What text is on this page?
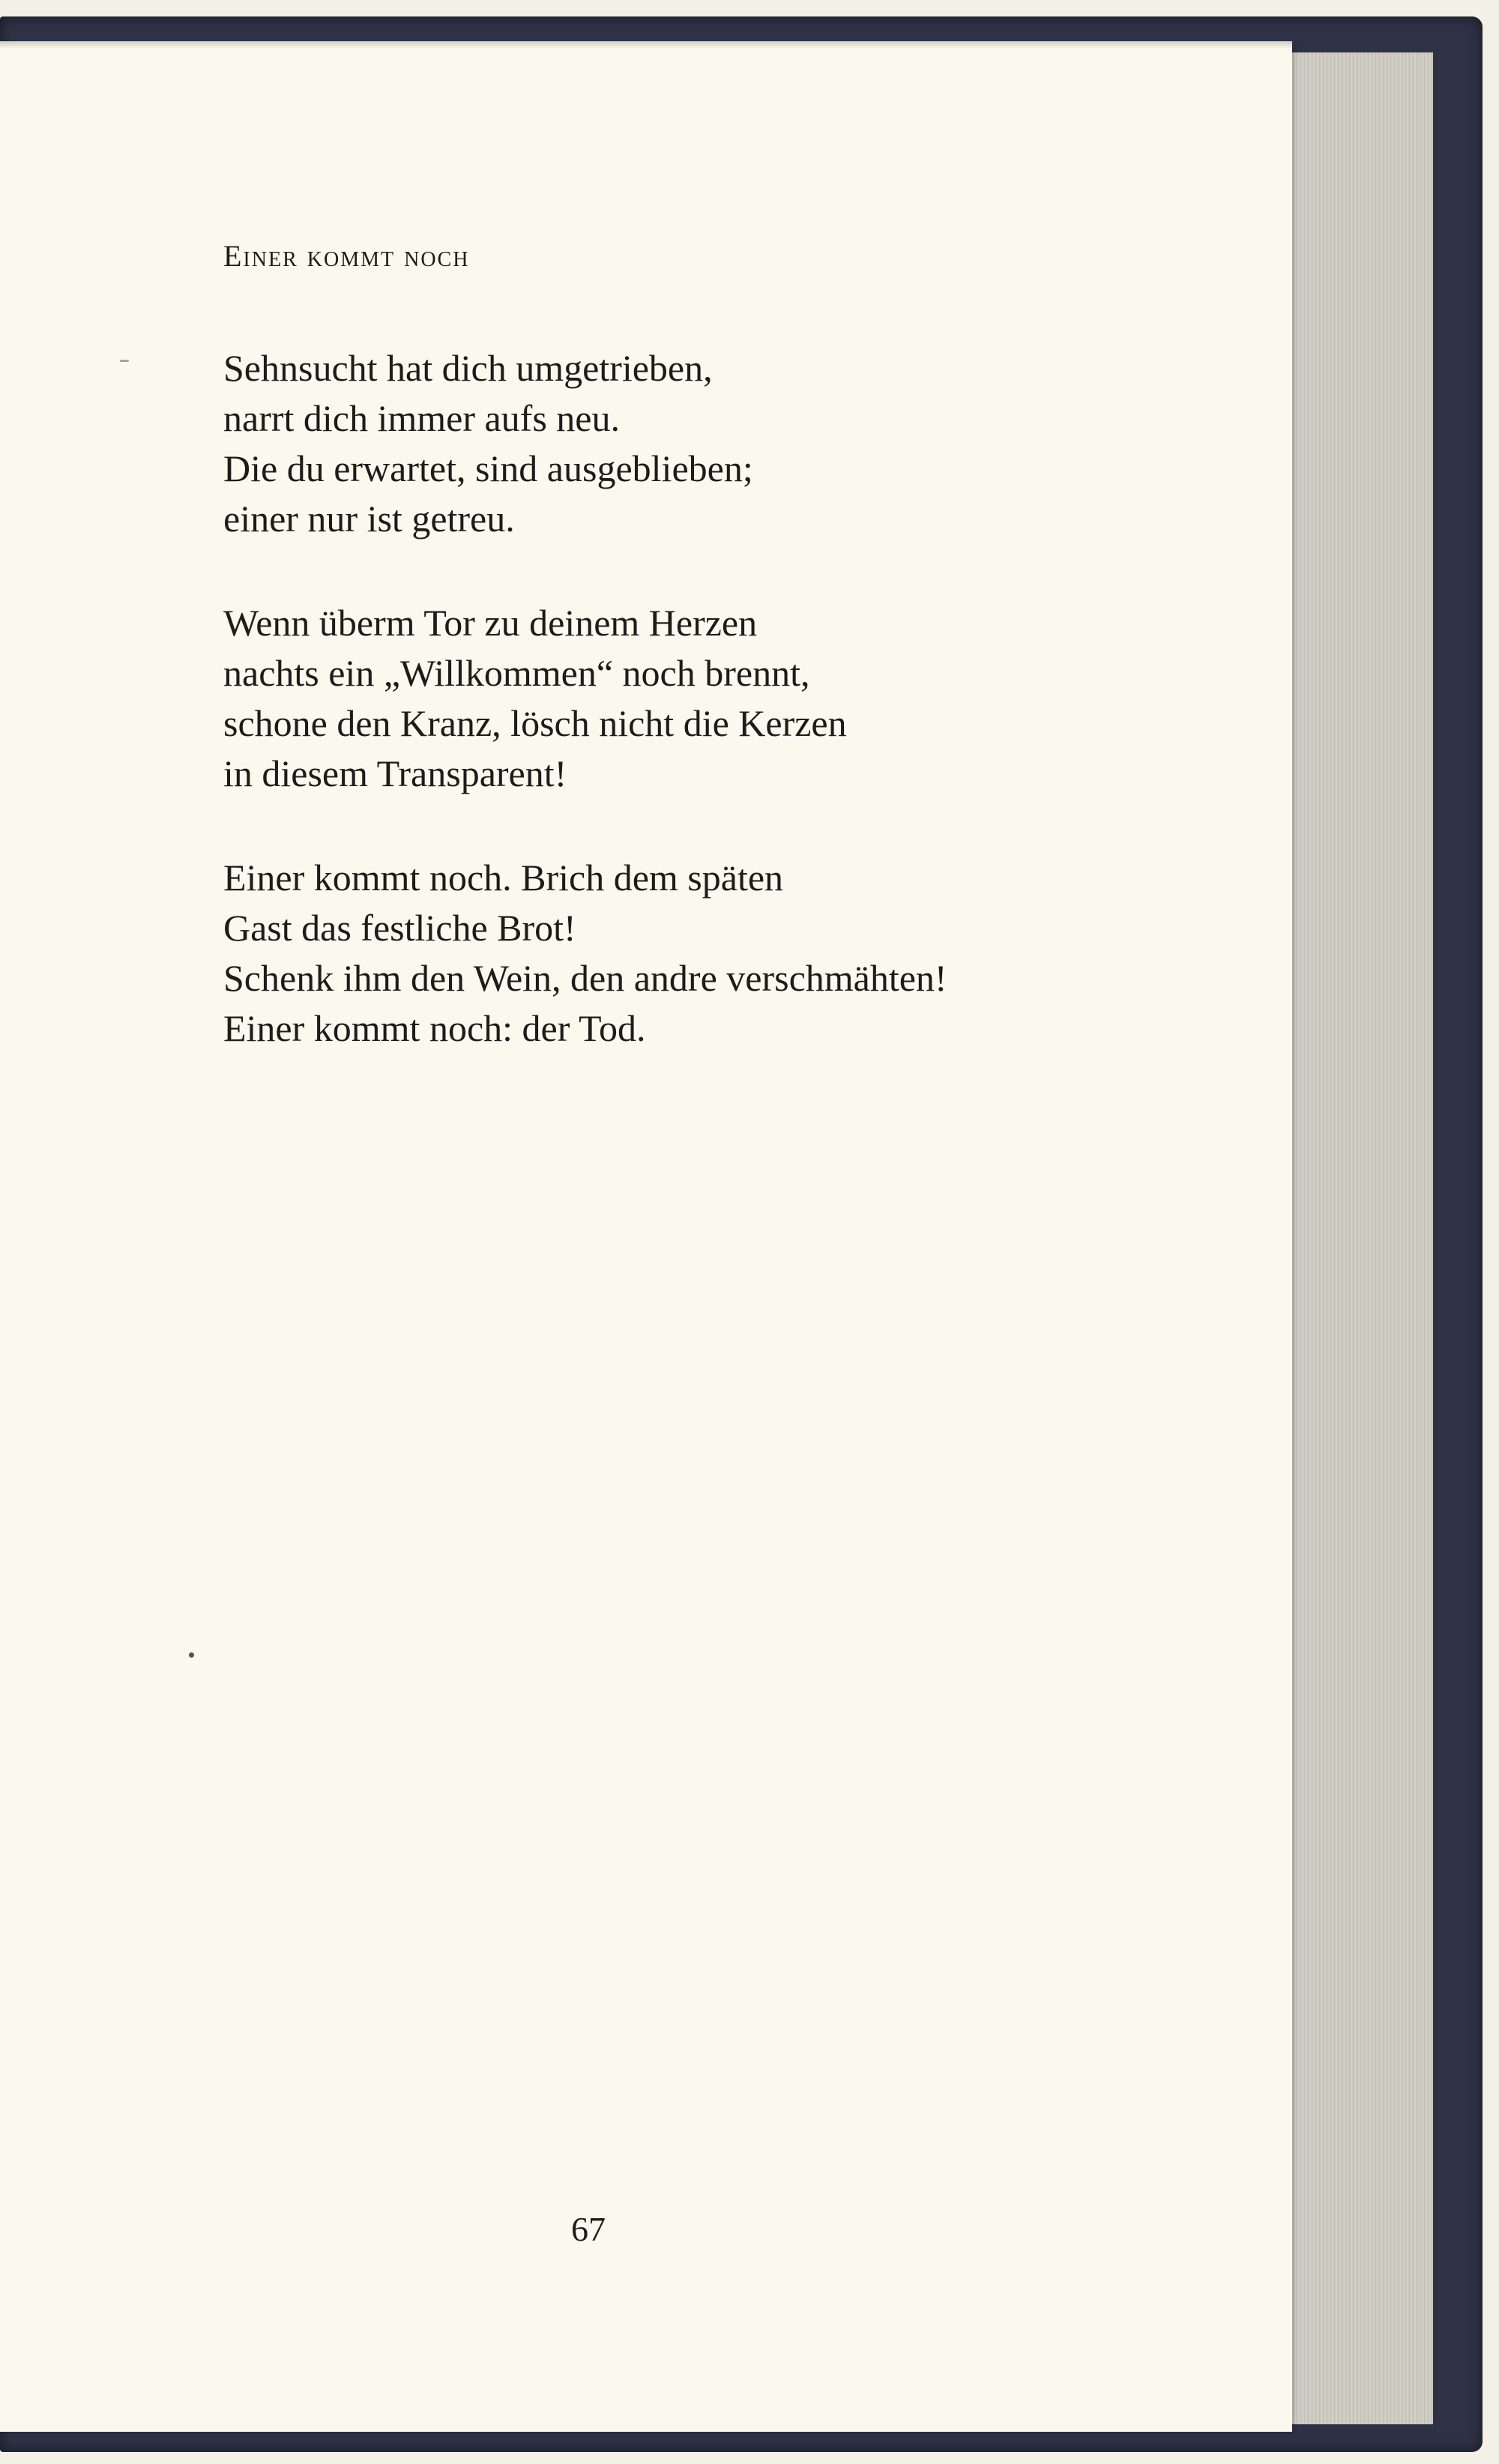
Einer kommt noch
Sehnsucht hat dich umgetrieben,
narrt dich immer aufs neu.
Die du erwartet, sind ausgeblieben;
einer nur ist getreu.
Wenn überm Tor zu deinem Herzen
nachts ein „Willkommen“ noch brennt,
schone den Kranz, lösch nicht die Kerzen
in diesem Transparent!
Einer kommt noch. Brich dem späten
Gast das festliche Brot!
Schenk ihm den Wein, den andre verschmähten!
Einer kommt noch: der Tod.
67
